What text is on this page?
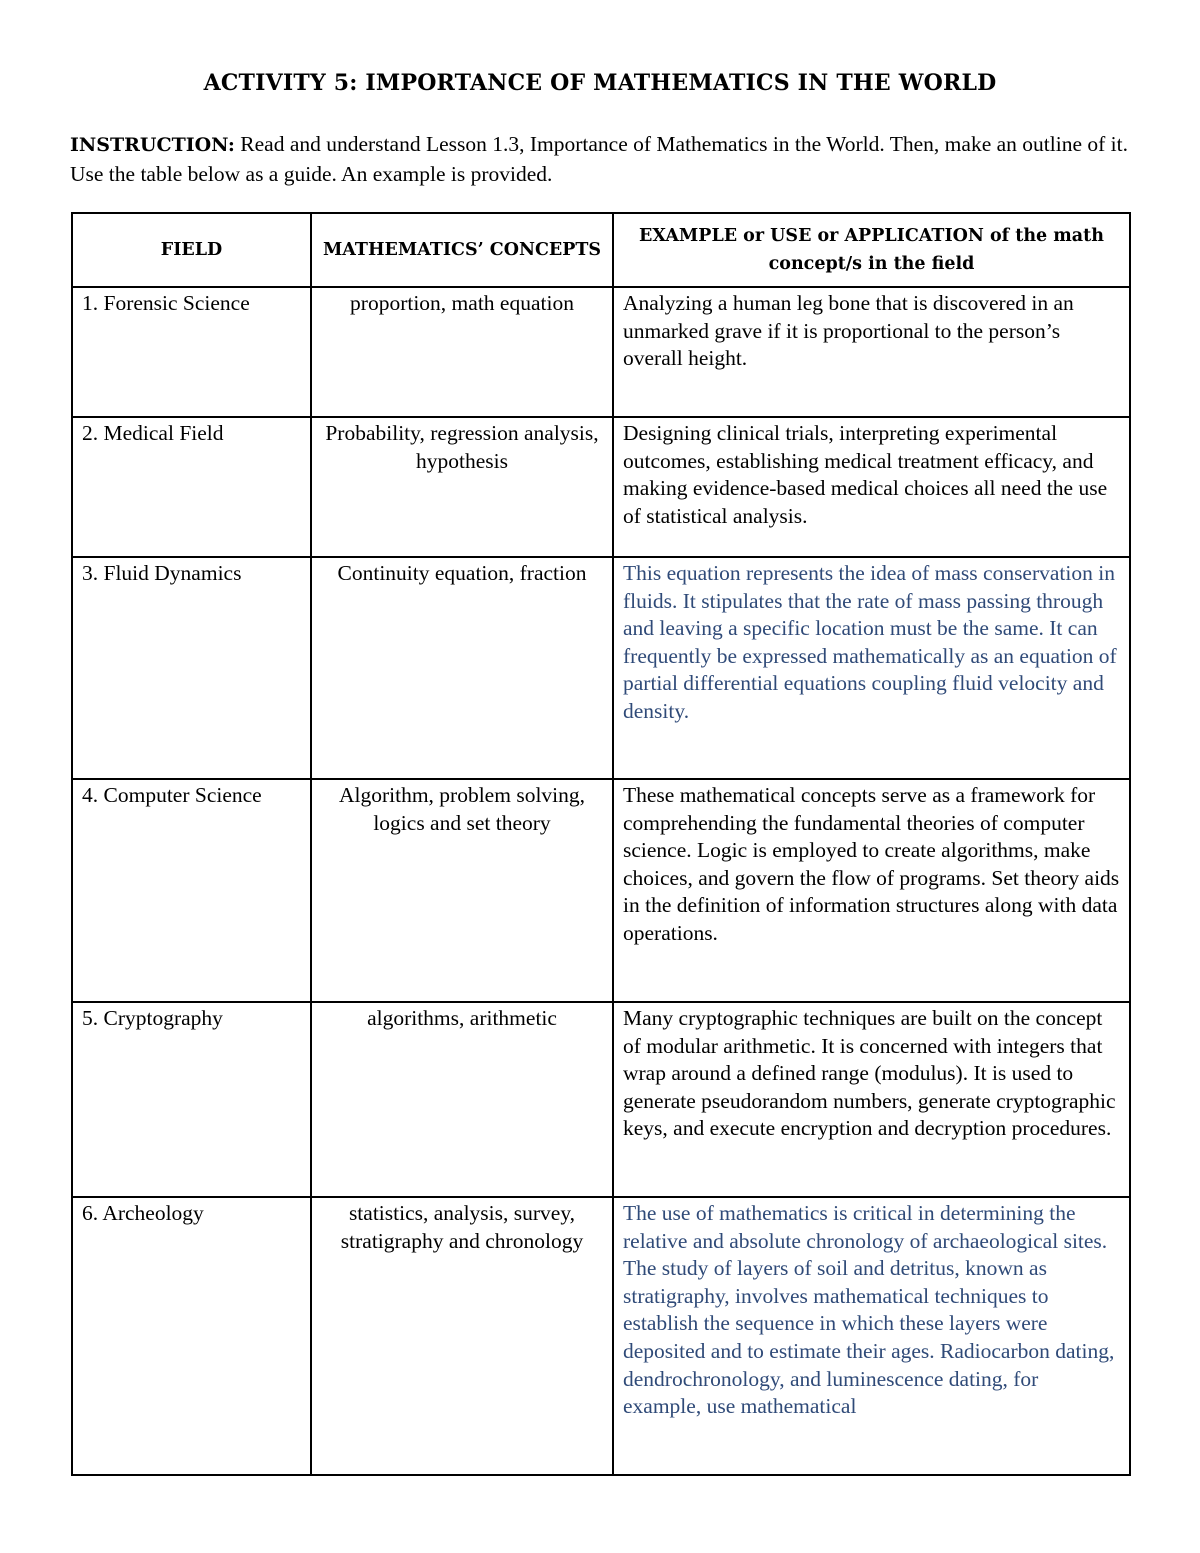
ACTIVITY 5: IMPORTANCE OF MATHEMATICS IN THE WORLD
INSTRUCTION: Read and understand Lesson 1.3, Importance of Mathematics in the World. Then, make an outline of it. Use the table below as a guide. An example is provided.
FIELD	MATHEMATICS’ CONCEPTS	EXAMPLE or USE or APPLICATION of the math concept/s in the field
1. Forensic Science	proportion, math equation	Analyzing a human leg bone that is discovered in an unmarked grave if it is proportional to the person’s overall height.
2. Medical Field	Probability, regression analysis, hypothesis	Designing clinical trials, interpreting experimental outcomes, establishing medical treatment efficacy, and making evidence-based medical choices all need the use of statistical analysis.
3. Fluid Dynamics	Continuity equation, fraction	This equation represents the idea of mass conservation in fluids. It stipulates that the rate of mass passing through and leaving a specific location must be the same. It can frequently be expressed mathematically as an equation of partial differential equations coupling fluid velocity and density.
4. Computer Science	Algorithm, problem solving, logics and set theory	These mathematical concepts serve as a framework for comprehending the fundamental theories of computer science. Logic is employed to create algorithms, make choices, and govern the flow of programs. Set theory aids in the definition of information structures along with data operations.
5. Cryptography	algorithms, arithmetic	Many cryptographic techniques are built on the concept of modular arithmetic. It is concerned with integers that wrap around a defined range (modulus). It is used to generate pseudorandom numbers, generate cryptographic keys, and execute encryption and decryption procedures.
6. Archeology	statistics, analysis, survey, stratigraphy and chronology	The use of mathematics is critical in determining the relative and absolute chronology of archaeological sites. The study of layers of soil and detritus, known as stratigraphy, involves mathematical techniques to establish the sequence in which these layers were deposited and to estimate their ages. Radiocarbon dating, dendrochronology, and luminescence dating, for example, use mathematical
